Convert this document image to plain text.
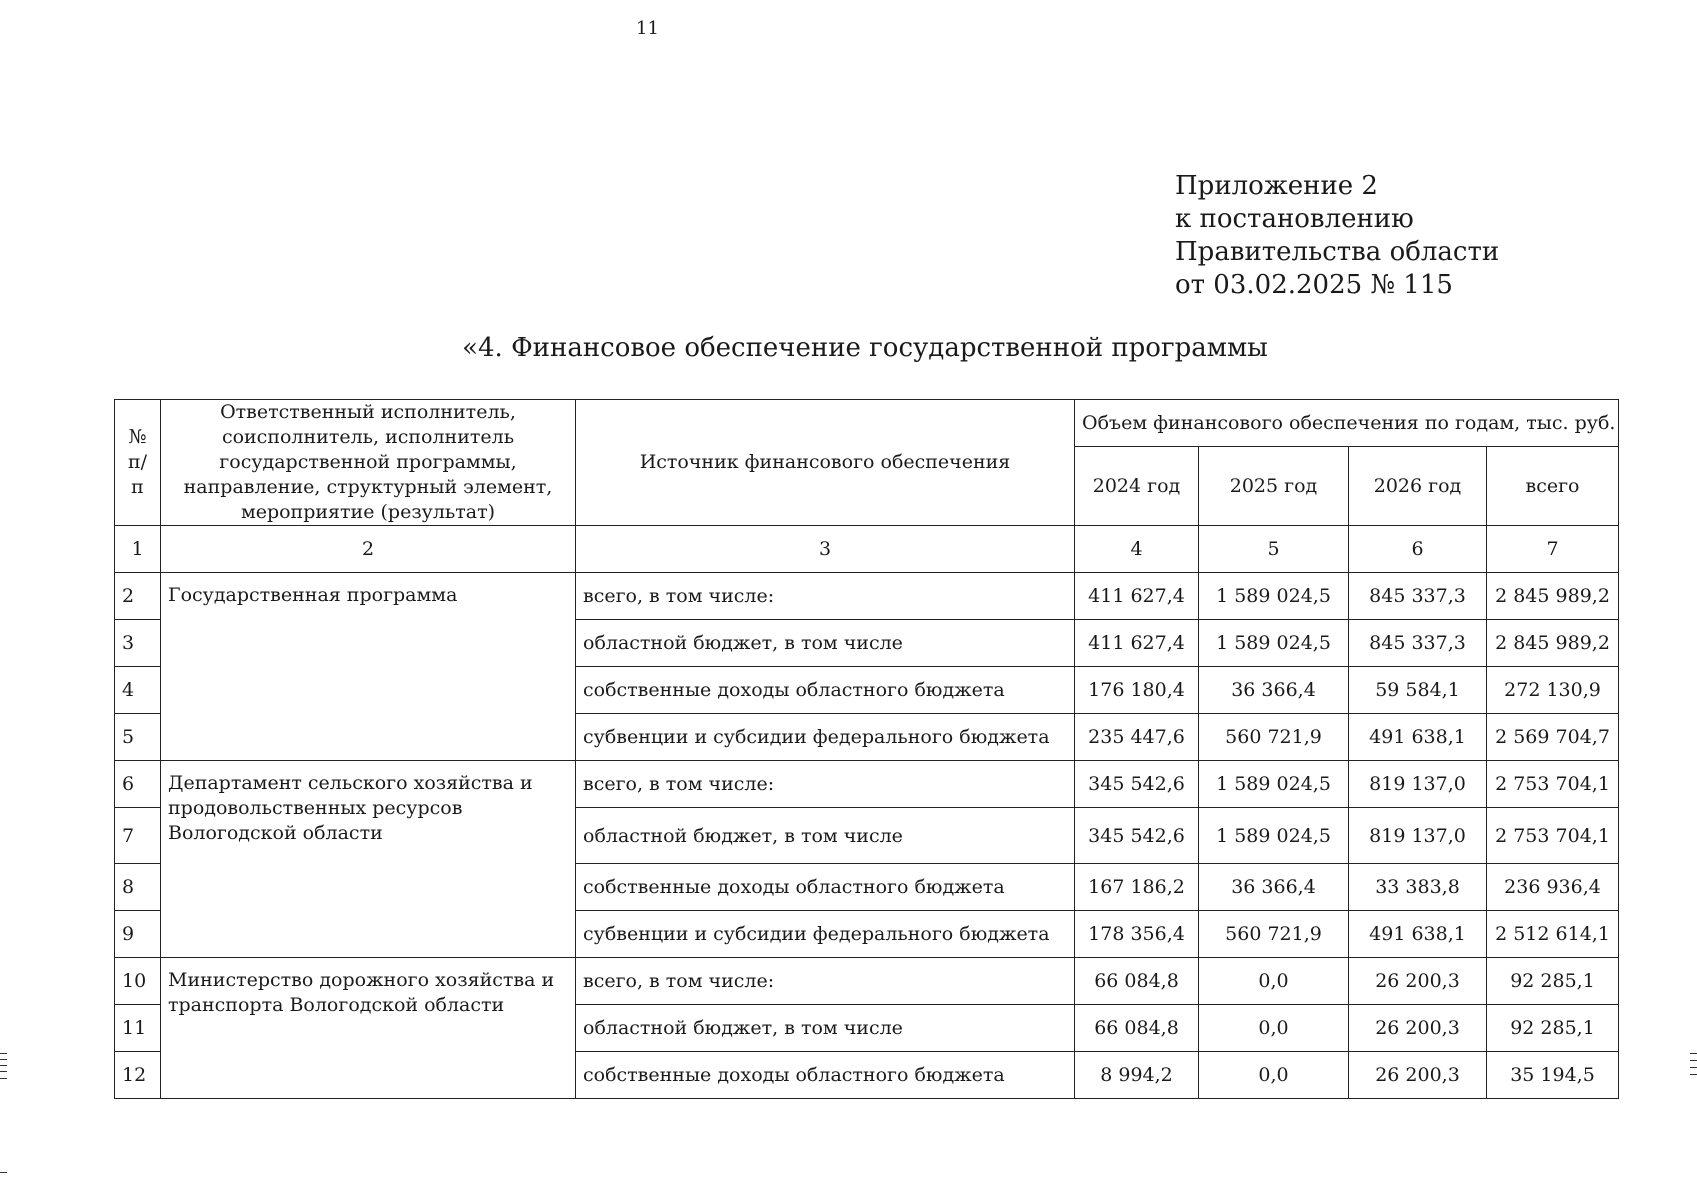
11
Приложение 2
к постановлению
Правительства области
от 03.02.2025 № 115
«4. Финансовое обеспечение государственной программы
№ п/п	Ответственный исполнитель, соисполнитель, исполнитель государственной программы, направление, структурный элемент, мероприятие (результат)	Источник финансового обеспечения	Объем финансового обеспечения по годам, тыс. руб.			
			2024 год	2025 год	2026 год	всего
1	2	3	4	5	6	7
2	Государственная программа	всего, в том числе:	411 627,4	1 589 024,5	845 337,3	2 845 989,2
3		областной бюджет, в том числе	411 627,4	1 589 024,5	845 337,3	2 845 989,2
4		собственные доходы областного бюджета	176 180,4	36 366,4	59 584,1	272 130,9
5		субвенции и субсидии федерального бюджета	235 447,6	560 721,9	491 638,1	2 569 704,7
6	Департамент сельского хозяйства и продовольственных ресурсов Вологодской области	всего, в том числе:	345 542,6	1 589 024,5	819 137,0	2 753 704,1
7		областной бюджет, в том числе	345 542,6	1 589 024,5	819 137,0	2 753 704,1
8		собственные доходы областного бюджета	167 186,2	36 366,4	33 383,8	236 936,4
9		субвенции и субсидии федерального бюджета	178 356,4	560 721,9	491 638,1	2 512 614,1
10	Министерство дорожного хозяйства и транспорта Вологодской области	всего, в том числе:	66 084,8	0,0	26 200,3	92 285,1
11		областной бюджет, в том числе	66 084,8	0,0	26 200,3	92 285,1
12		собственные доходы областного бюджета	8 994,2	0,0	26 200,3	35 194,5
